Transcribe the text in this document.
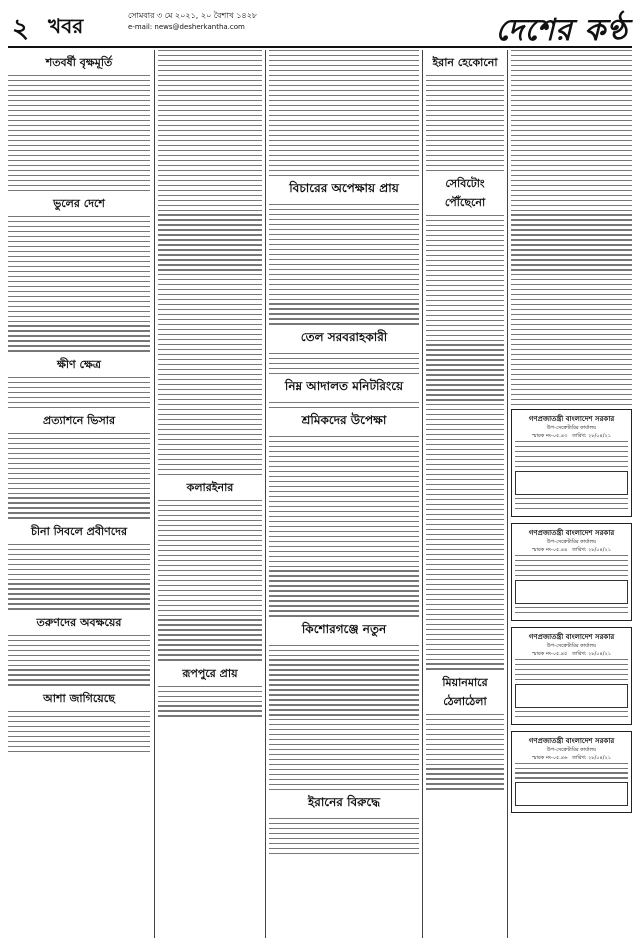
২ খবর	সোমবার ৩ মে ২০২১, ২০ বৈশাখ ১৪২৮
e-mail: news@desherkantha.com	দেশের কণ্ঠ
শতবর্ষী বৃক্ষমূর্তি
ভুলের দেশে
ক্ষীণ ক্ষেত্র
প্রত্যাশনে ভিসার
চীনা সিবলে প্রবীণদের
তরুণদের অবক্ষয়ের
আশা জাগিয়েছে
কলারইনার
রূপপুরে প্রায়
বিচারের অপেক্ষায় প্রায়
তেল সরবরাহকারী
নিম্ন আদালত মনিটরিংয়ে
শ্রমিকদের উপেক্ষা
কিশোরগঞ্জে নতুন
ইরানের বিরুদ্ধে
ইরান হেকোনো
সেবিটোং পৌঁছেনো
মিয়ানমারে ঠেলাঠেলা
গণপ্রজাতন্ত্রী বাংলাদেশ সরকার
উপ-সেক্রেটারির কার্যালয়
স্মারক নং-০৫.৪৩ তারিখ: ২৮/০৪/২১
গণপ্রজাতন্ত্রী বাংলাদেশ সরকার
উপ-সেক্রেটারির কার্যালয়
স্মারক নং-০৫.৪৪ তারিখ: ২৮/০৪/২১
গণপ্রজাতন্ত্রী বাংলাদেশ সরকার
উপ-সেক্রেটারির কার্যালয়
স্মারক নং-০৫.৪৫ তারিখ: ২৮/০৪/২১
গণপ্রজাতন্ত্রী বাংলাদেশ সরকার
উপ-সেক্রেটারির কার্যালয়
স্মারক নং-০৫.৪৬ তারিখ: ২৮/০৪/২১
